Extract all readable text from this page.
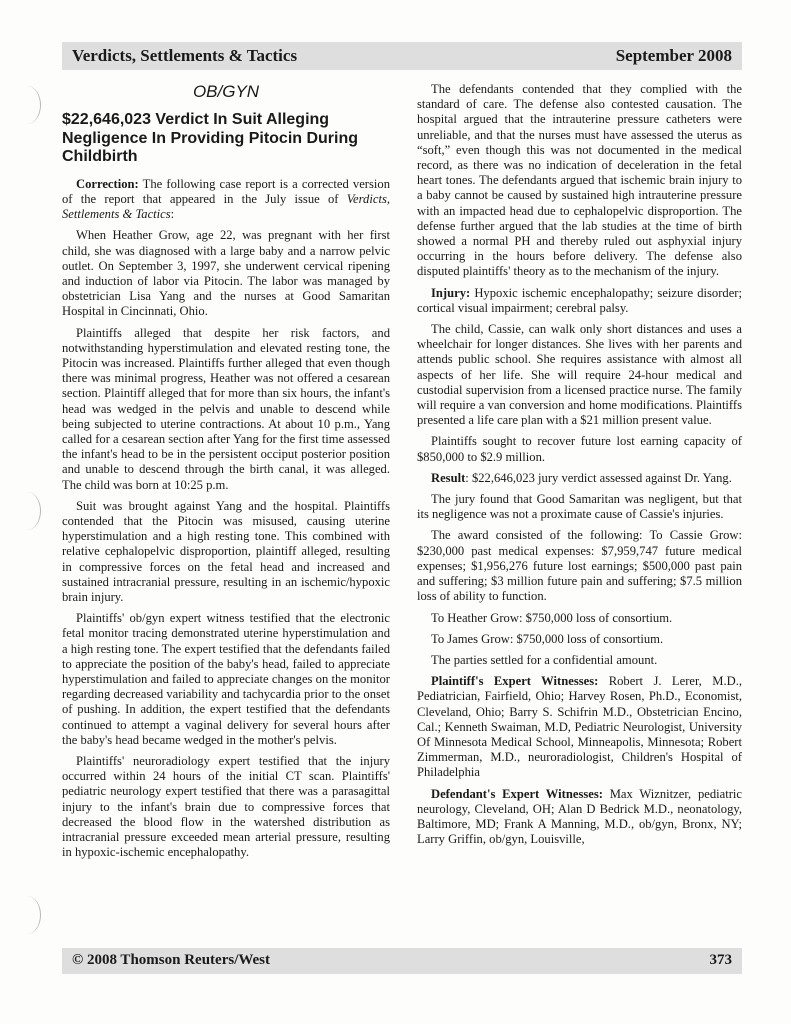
Verdicts, Settlements & Tactics	September 2008
OB/GYN
$22,646,023 Verdict In Suit Alleging Negligence In Providing Pitocin During Childbirth

Correction: The following case report is a corrected version of the report that appeared in the July issue of Verdicts, Settlements & Tactics:

When Heather Grow, age 22, was pregnant with her first child, she was diagnosed with a large baby and a narrow pelvic outlet. On September 3, 1997, she underwent cervical ripening and induction of labor via Pitocin. The labor was managed by obstetrician Lisa Yang and the nurses at Good Samaritan Hospital in Cincinnati, Ohio.

Plaintiffs alleged that despite her risk factors, and notwithstanding hyperstimulation and elevated resting tone, the Pitocin was increased. Plaintiffs further alleged that even though there was minimal progress, Heather was not offered a cesarean section. Plaintiff alleged that for more than six hours, the infant's head was wedged in the pelvis and unable to descend while being subjected to uterine contractions. At about 10 p.m., Yang called for a cesarean section after Yang for the first time assessed the infant's head to be in the persistent occiput posterior position and unable to descend through the birth canal, it was alleged. The child was born at 10:25 p.m.

Suit was brought against Yang and the hospital. Plaintiffs contended that the Pitocin was misused, causing uterine hyperstimulation and a high resting tone. This combined with relative cephalopelvic disproportion, plaintiff alleged, resulting in compressive forces on the fetal head and increased and sustained intracranial pressure, resulting in an ischemic/hypoxic brain injury.

Plaintiffs' ob/gyn expert witness testified that the electronic fetal monitor tracing demonstrated uterine hyperstimulation and a high resting tone. The expert testified that the defendants failed to appreciate the position of the baby's head, failed to appreciate hyperstimulation and failed to appreciate changes on the monitor regarding decreased variability and tachycardia prior to the onset of pushing. In addition, the expert testified that the defendants continued to attempt a vaginal delivery for several hours after the baby's head became wedged in the mother's pelvis.

Plaintiffs' neuroradiology expert testified that the injury occurred within 24 hours of the initial CT scan. Plaintiffs' pediatric neurology expert testified that there was a parasagittal injury to the infant's brain due to compressive forces that decreased the blood flow in the watershed distribution as intracranial pressure exceeded mean arterial pressure, resulting in hypoxic-ischemic encephalopathy.

The defendants contended that they complied with the standard of care. The defense also contested causation. The hospital argued that the intrauterine pressure catheters were unreliable, and that the nurses must have assessed the uterus as “soft,” even though this was not documented in the medical record, as there was no indication of deceleration in the fetal heart tones. The defendants argued that ischemic brain injury to a baby cannot be caused by sustained high intrauterine pressure with an impacted head due to cephalopelvic disproportion. The defense further argued that the lab studies at the time of birth showed a normal PH and thereby ruled out asphyxial injury occurring in the hours before delivery. The defense also disputed plaintiffs' theory as to the mechanism of the injury.

Injury: Hypoxic ischemic encephalopathy; seizure disorder; cortical visual impairment; cerebral palsy.

The child, Cassie, can walk only short distances and uses a wheelchair for longer distances. She lives with her parents and attends public school. She requires assistance with almost all aspects of her life. She will require 24-hour medical and custodial supervision from a licensed practice nurse. The family will require a van conversion and home modifications. Plaintiffs presented a life care plan with a $21 million present value.

Plaintiffs sought to recover future lost earning capacity of $850,000 to $2.9 million.

Result: $22,646,023 jury verdict assessed against Dr. Yang.

The jury found that Good Samaritan was negligent, but that its negligence was not a proximate cause of Cassie's injuries.

The award consisted of the following: To Cassie Grow: $230,000 past medical expenses: $7,959,747 future medical expenses; $1,956,276 future lost earnings; $500,000 past pain and suffering; $3 million future pain and suffering; $7.5 million loss of ability to function.

To Heather Grow: $750,000 loss of consortium.

To James Grow: $750,000 loss of consortium.

The parties settled for a confidential amount.

Plaintiff's Expert Witnesses: Robert J. Lerer, M.D., Pediatrician, Fairfield, Ohio; Harvey Rosen, Ph.D., Economist, Cleveland, Ohio; Barry S. Schifrin M.D., Obstetrician Encino, Cal.; Kenneth Swaiman, M.D, Pediatric Neurologist, University Of Minnesota Medical School, Minneapolis, Minnesota; Robert Zimmerman, M.D., neuroradiologist, Children's Hospital of Philadelphia

Defendant's Expert Witnesses: Max Wiznitzer, pediatric neurology, Cleveland, OH; Alan D Bedrick M.D., neonatology, Baltimore, MD; Frank A Manning, M.D., ob/gyn, Bronx, NY; Larry Griffin, ob/gyn, Louisville,

© 2008 Thomson Reuters/West	373
